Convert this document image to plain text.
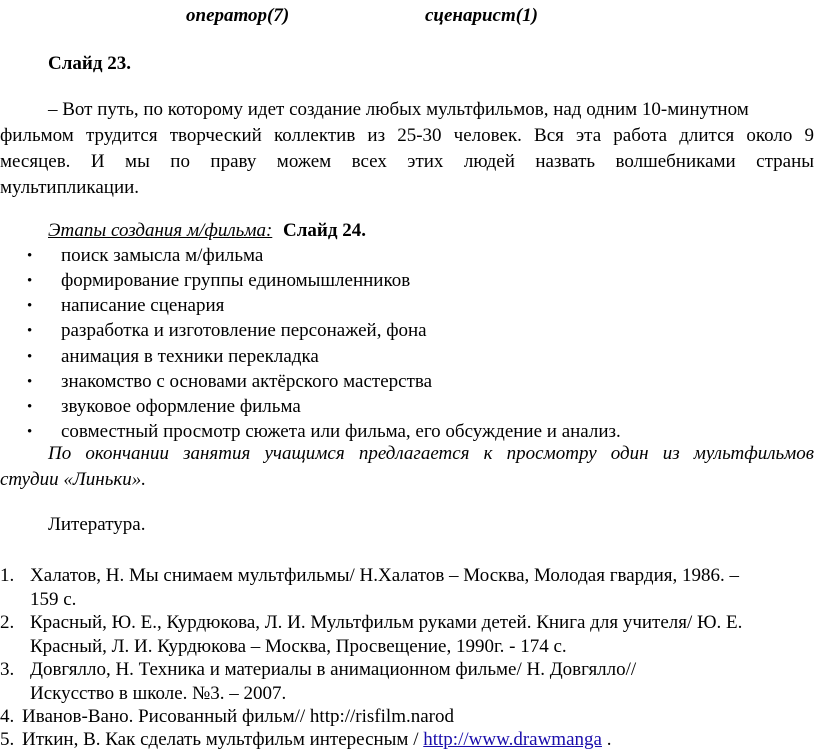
оператор(7)	сценарист(1)
Слайд 23.
– Вот путь, по которому идет создание любых мультфильмов, над одним 10-минутном
фильмом трудится творческий коллектив из 25-30 человек. Вся эта работа длится около 9
месяцев. И мы по праву можем всех этих людей назвать волшебниками страны
мультипликации.
Этапы создания м/фильма: Слайд 24.
• поиск замысла м/фильма
• формирование группы единомышленников
• написание сценария
• разработка и изготовление персонажей, фона
• анимация в техники перекладка
• знакомство с основами актёрского мастерства
• звуковое оформление фильма
• совместный просмотр сюжета или фильма, его обсуждение и анализ.
По окончании занятия учащимся предлагается к просмотру один из мультфильмов
студии «Линьки».
Литература.
1. Халатов, Н. Мы снимаем мультфильмы/ Н.Халатов – Москва, Молодая гвардия, 1986. –
159 с.
2. Красный, Ю. Е., Курдюкова, Л. И. Мультфильм руками детей. Книга для учителя/ Ю. Е.
Красный, Л. И. Курдюкова – Москва, Просвещение, 1990г. - 174 с.
3. Довгялло, Н. Техника и материалы в анимационном фильме/ Н. Довгялло//
Искусство в школе. №3. – 2007.
4. Иванов-Вано. Рисованный фильм// http://risfilm.narod
5. Иткин, В. Как сделать мультфильм интересным / http://www.drawmanga .
